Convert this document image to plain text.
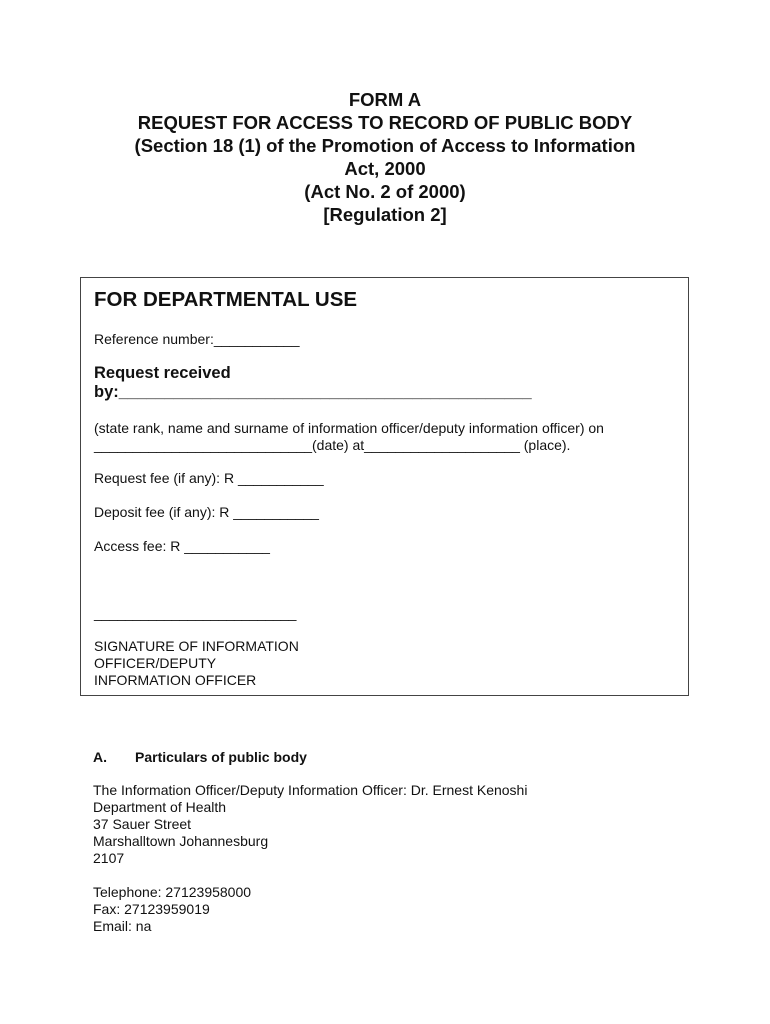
FORM A
REQUEST FOR ACCESS TO RECORD OF PUBLIC BODY
(Section 18 (1) of the Promotion of Access to Information
Act, 2000
(Act No. 2 of 2000)
[Regulation 2]
FOR DEPARTMENTAL USE
Reference number:___________
Request received
by:_____________________________________________
(state rank, name and surname of information officer/deputy information officer) on
____________________________(date) at____________________ (place).
Request fee (if any): R ___________
Deposit fee (if any): R ___________
Access fee: R ___________
__________________________
SIGNATURE OF INFORMATION
OFFICER/DEPUTY
INFORMATION OFFICER
A. Particulars of public body
The Information Officer/Deputy Information Officer: Dr. Ernest Kenoshi
Department of Health
37 Sauer Street
Marshalltown Johannesburg
2107
Telephone: 27123958000
Fax: 27123959019
Email: na
